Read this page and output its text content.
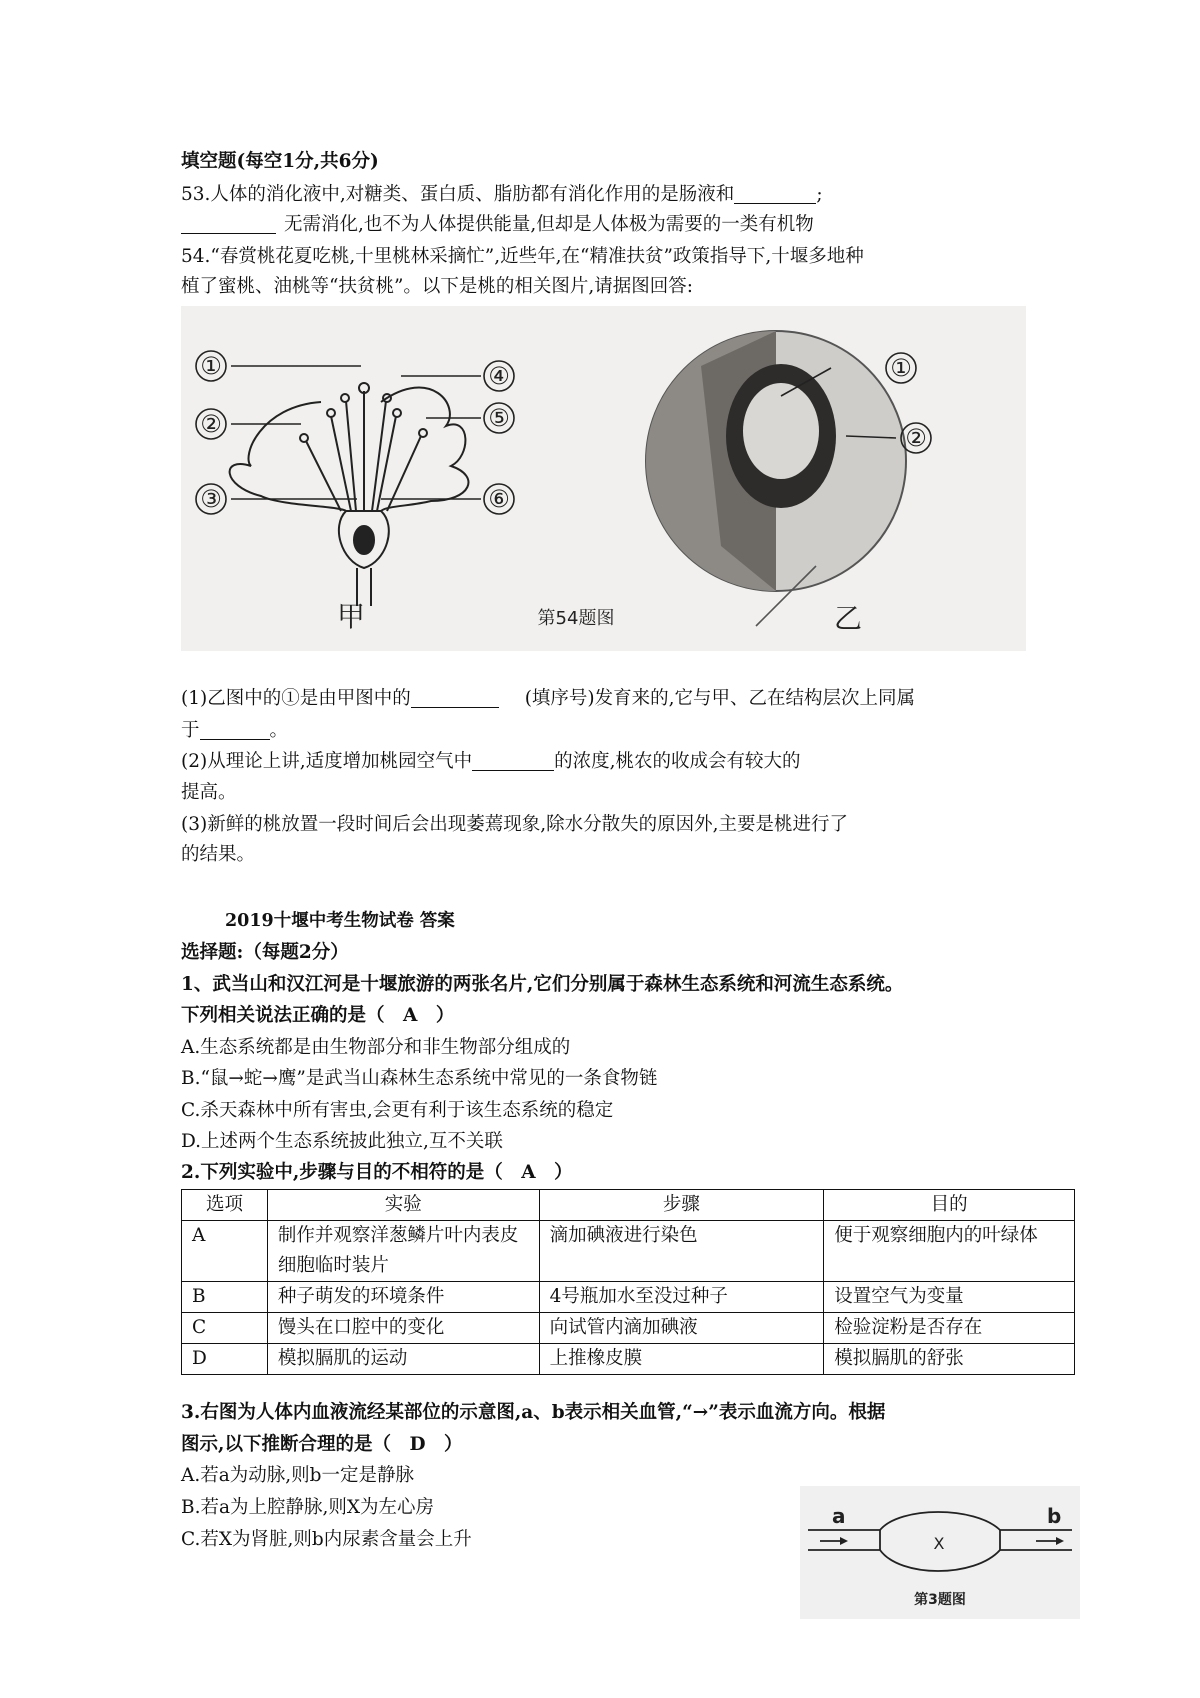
填空题(每空1分,共6分)
53.人体的消化液中,对糖类、蛋白质、脂肪都有消化作用的是肠液和	;
无需消化,也不为人体提供能量,但却是人体极为需要的一类有机物
54.“春赏桃花夏吃桃,十里桃林采摘忙”,近些年,在“精准扶贫”政策指导下,十堰多地种
植了蜜桃、油桃等“扶贫桃”。以下是桃的相关图片,请据图回答:
①
②
③
④
⑤
⑥
甲	第54题图
①
②
乙
(1)乙图中的①是由甲图中的	(填序号)发育来的,它与甲、乙在结构层次上同属
于	。
(2)从理论上讲,适度增加桃园空气中	的浓度,桃农的收成会有较大的
提高。
(3)新鲜的桃放置一段时间后会出现萎蔫现象,除水分散失的原因外,主要是桃进行了
的结果。
2019十堰中考生物试卷 答案
选择题:（每题2分）
1、武当山和汉江河是十堰旅游的两张名片,它们分别属于森林生态系统和河流生态系统。
下列相关说法正确的是（　A　）
A.生态系统都是由生物部分和非生物部分组成的
B.“鼠→蛇→鹰”是武当山森林生态系统中常见的一条食物链
C.杀天森林中所有害虫,会更有利于该生态系统的稳定
D.上述两个生态系统披此独立,互不关联
2.下列实验中,步骤与目的不相符的是（　A　）
选项	实验	步骤	目的
A	制作并观察洋葱鳞片叶内表皮细胞临时装片	滴加碘液进行染色	便于观察细胞内的叶绿体
B	种子萌发的环境条件	4号瓶加水至没过种子	设置空气为变量
C	馒头在口腔中的变化	向试管内滴加碘液	检验淀粉是否存在
D	模拟膈肌的运动	上推橡皮膜	模拟膈肌的舒张
3.右图为人体内血液流经某部位的示意图,a、b表示相关血管,“→”表示血流方向。根据
图示,以下推断合理的是（　D　）
A.若a为动脉,则b一定是静脉
B.若a为上腔静脉,则X为左心房
C.若X为肾脏,则b内尿素含量会上升
a	b
X
第3题图
